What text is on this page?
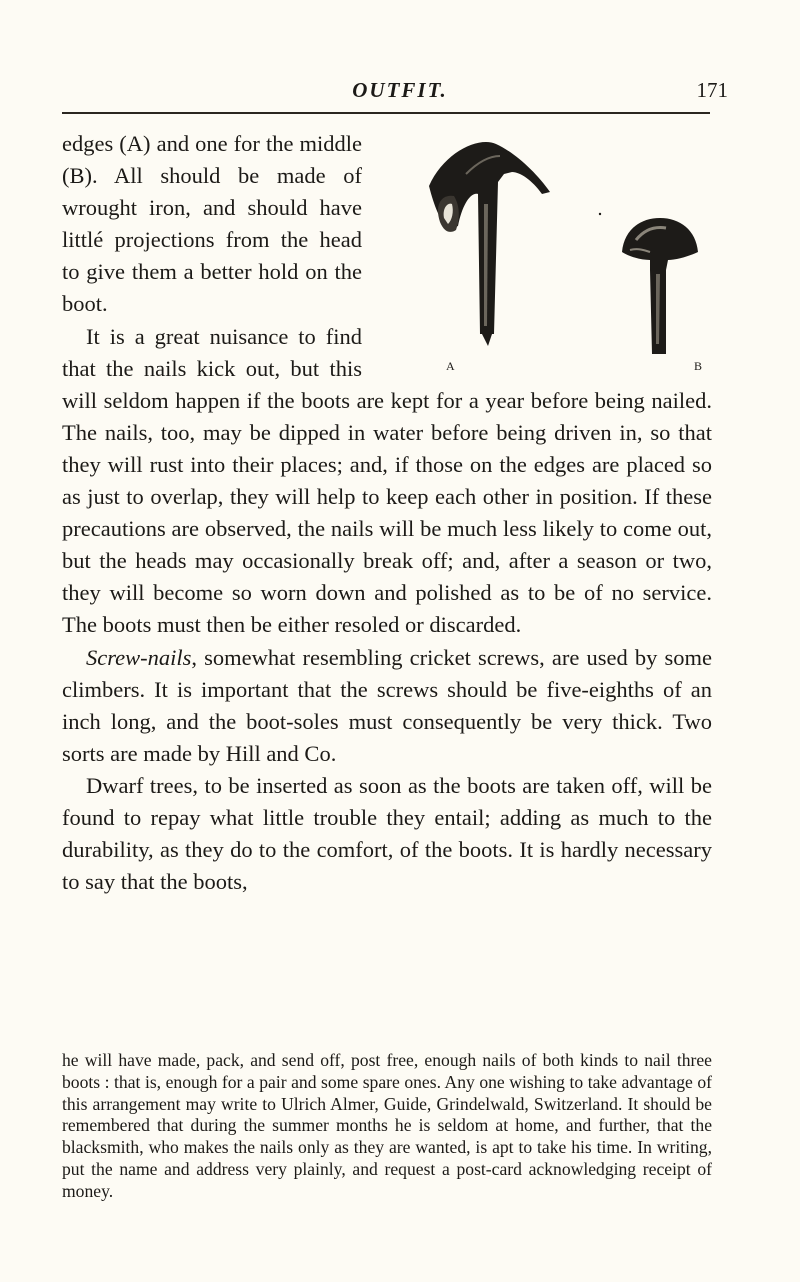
OUTFIT.	171
A	B

edges (A) and one for the middle (B). All should be made of wrought iron, and should have littlé projections from the head to give them a better hold on the boot.

It is a great nuisance to find that the nails kick out, but this will seldom happen if the boots are kept for a year before being nailed. The nails, too, may be dipped in water before being driven in, so that they will rust into their places; and, if those on the edges are placed so as just to overlap, they will help to keep each other in position. If these precautions are observed, the nails will be much less likely to come out, but the heads may occasionally break off; and, after a season or two, they will become so worn down and polished as to be of no service. The boots must then be either resoled or discarded.

Screw-nails, somewhat resembling cricket screws, are used by some climbers. It is important that the screws should be five-eighths of an inch long, and the boot-soles must consequently be very thick. Two sorts are made by Hill and Co.

Dwarf trees, to be inserted as soon as the boots are taken off, will be found to repay what little trouble they entail; adding as much to the durability, as they do to the comfort, of the boots. It is hardly necessary to say that the boots,

he will have made, pack, and send off, post free, enough nails of both kinds to nail three boots : that is, enough for a pair and some spare ones. Any one wishing to take advantage of this arrangement may write to Ulrich Almer, Guide, Grindelwald, Switzerland. It should be remembered that during the summer months he is seldom at home, and further, that the blacksmith, who makes the nails only as they are wanted, is apt to take his time. In writing, put the name and address very plainly, and request a post-card acknowledging receipt of money.
